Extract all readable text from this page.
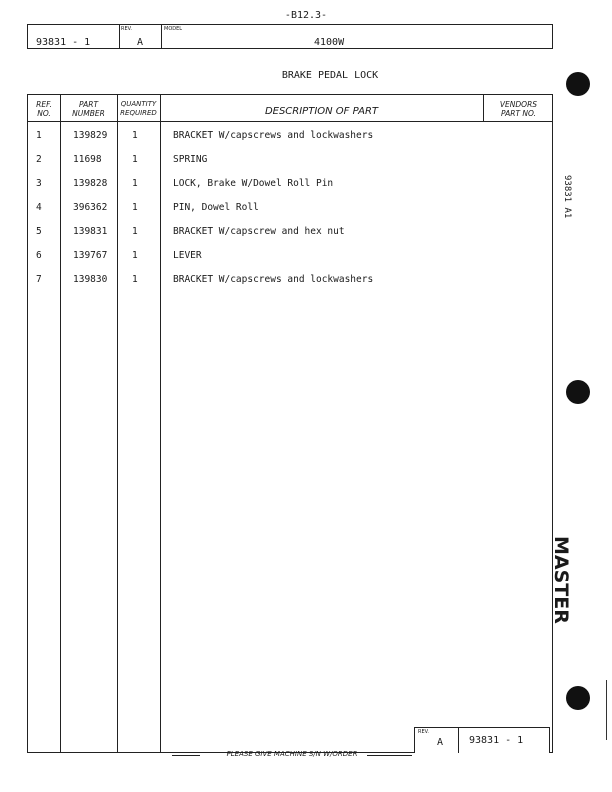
-B12.3-
93831 - 1
REV.
A
MODEL
4100W
BRAKE PEDAL LOCK
REF.
NO.
PART
NUMBER
QUANTITY
REQUIRED	DESCRIPTION OF PART
VENDORS
PART NO.
1	139829	1	BRACKET W/capscrews and lockwashers
2	11698	1	SPRING
3	139828	1	LOCK, Brake W/Dowel Roll Pin
4	396362	1	PIN, Dowel Roll
5	139831	1	BRACKET W/capscrew and hex nut
6	139767	1	LEVER
7	139830	1	BRACKET W/capscrews and lockwashers
REV.
A	93831 - 1
PLEASE GIVE MACHINE S/N W/ORDER
93831 A1
MASTER
